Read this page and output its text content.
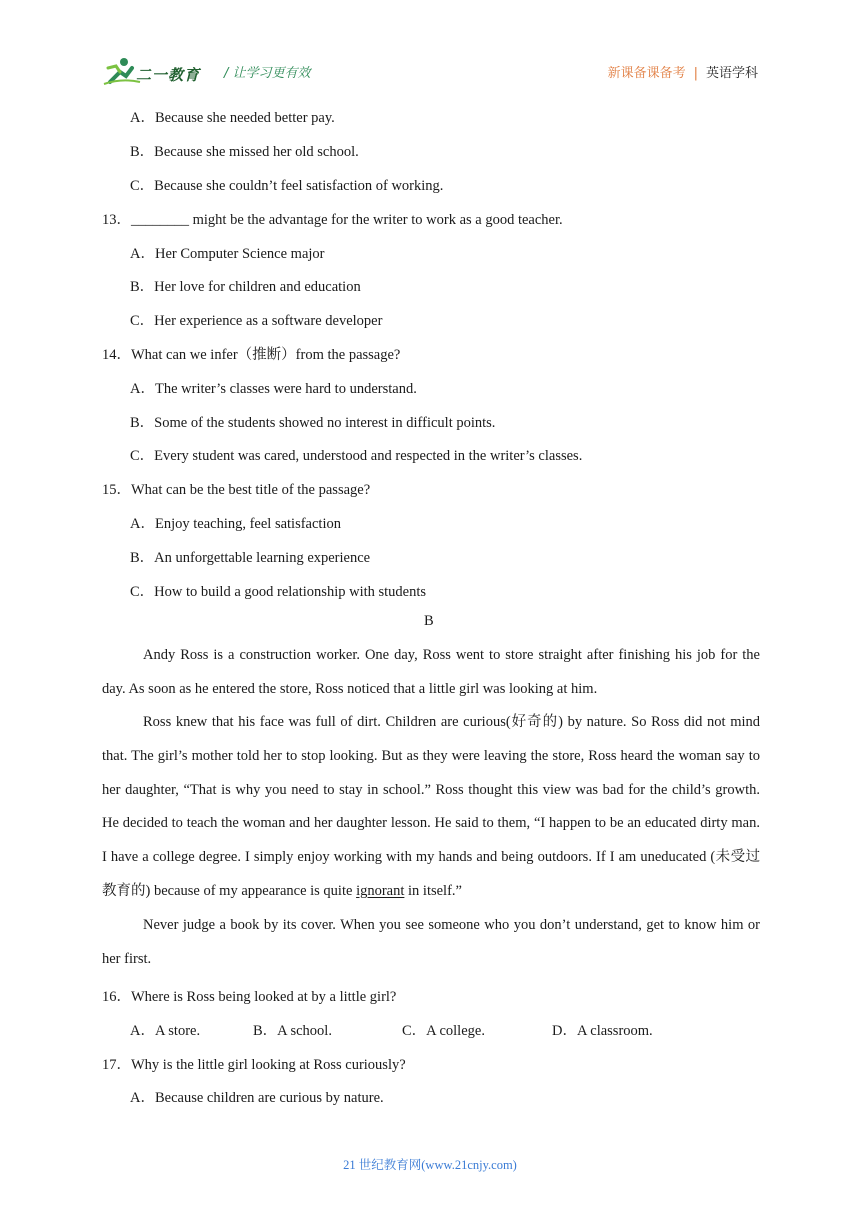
二一教育 / 让学习更有效	新课备课备考 | 英语学科
A．Because she needed better pay.
B．Because she missed her old school.
C．Because she couldn’t feel satisfaction of working.
13．________ might be the advantage for the writer to work as a good teacher.
A．Her Computer Science major
B．Her love for children and education
C．Her experience as a software developer
14．What can we infer（推断）from the passage?
A．The writer’s classes were hard to understand.
B．Some of the students showed no interest in difficult points.
C．Every student was cared, understood and respected in the writer’s classes.
15．What can be the best title of the passage?
A．Enjoy teaching, feel satisfaction
B．An unforgettable learning experience
C．How to build a good relationship with students
B
Andy Ross is a construction worker. One day, Ross went to store straight after finishing his job for the day. As soon as he entered the store, Ross noticed that a little girl was looking at him.
Ross knew that his face was full of dirt. Children are curious(好奇的) by nature. So Ross did not mind that. The girl’s mother told her to stop looking. But as they were leaving the store, Ross heard the woman say to her daughter, “That is why you need to stay in school.” Ross thought this view was bad for the child’s growth. He decided to teach the woman and her daughter lesson. He said to them, “I happen to be an educated dirty man. I have a college degree. I simply enjoy working with my hands and being outdoors. If I am uneducated (未受过教育的) because of my appearance is quite ignorant in itself.”
Never judge a book by its cover. When you see someone who you don’t understand, get to know him or her first.
16．Where is Ross being looked at by a little girl?
A．A store.	B．A school.	C．A college.	D．A classroom.
17．Why is the little girl looking at Ross curiously?
A．Because children are curious by nature.
21 世纪教育网(www.21cnjy.com)
